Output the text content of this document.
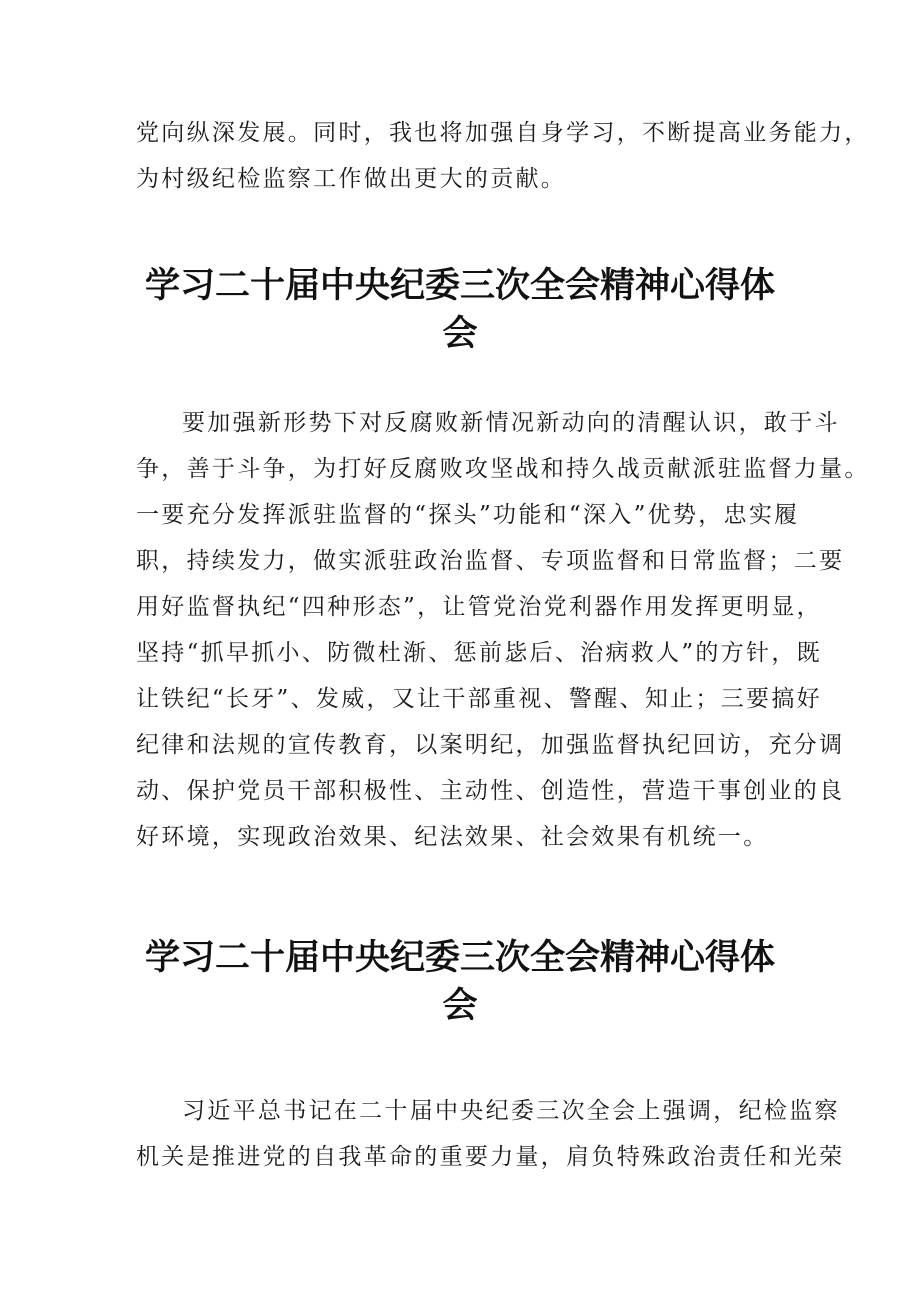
党向纵深发展。同时，我也将加强自身学习，不断提高业务能力，
为村级纪检监察工作做出更大的贡献。
学习二十届中央纪委三次全会精神心得体
会
要加强新形势下对反腐败新情况新动向的清醒认识，敢于斗
争，善于斗争，为打好反腐败攻坚战和持久战贡献派驻监督力量。
一要充分发挥派驻监督的“探头”功能和“深入”优势，忠实履
职，持续发力，做实派驻政治监督、专项监督和日常监督；二要
用好监督执纪“四种形态”，让管党治党利器作用发挥更明显，
坚持“抓早抓小、防微杜渐、惩前毖后、治病救人”的方针，既
让铁纪“长牙”、发威，又让干部重视、警醒、知止；三要搞好
纪律和法规的宣传教育，以案明纪，加强监督执纪回访，充分调
动、保护党员干部积极性、主动性、创造性，营造干事创业的良
好环境，实现政治效果、纪法效果、社会效果有机统一。
学习二十届中央纪委三次全会精神心得体
会
习近平总书记在二十届中央纪委三次全会上强调，纪检监察
机关是推进党的自我革命的重要力量，肩负特殊政治责任和光荣
